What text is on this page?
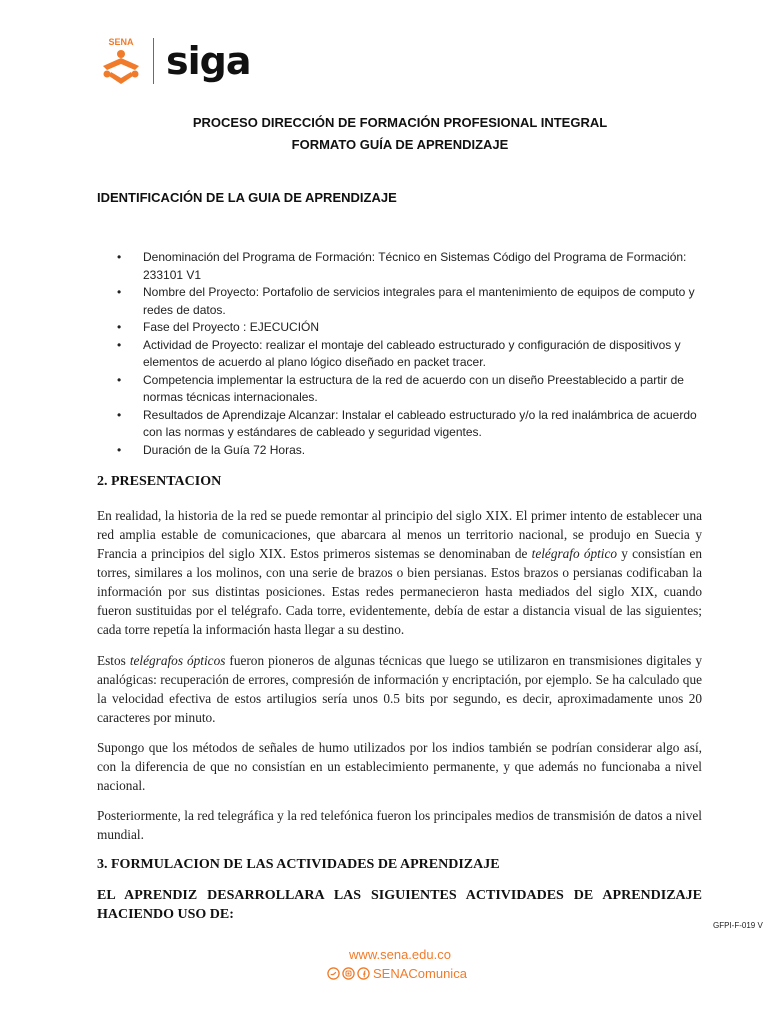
SENA siga
PROCESO DIRECCIÓN DE FORMACIÓN PROFESIONAL INTEGRAL
FORMATO GUÍA DE APRENDIZAJE
IDENTIFICACIÓN DE LA GUIA DE APRENDIZAJE
• Denominación del Programa de Formación: Técnico en Sistemas Código del Programa de Formación: 233101 V1
• Nombre del Proyecto: Portafolio de servicios integrales para el mantenimiento de equipos de computo y redes de datos.
• Fase del Proyecto : EJECUCIÓN
• Actividad de Proyecto: realizar el montaje del cableado estructurado y configuración de dispositivos y elementos de acuerdo al plano lógico diseñado en packet tracer.
• Competencia implementar la estructura de la red de acuerdo con un diseño Preestablecido a partir de normas técnicas internacionales.
• Resultados de Aprendizaje Alcanzar: Instalar el cableado estructurado y/o la red inalámbrica de acuerdo con las normas y estándares de cableado y seguridad vigentes.
• Duración de la Guía 72 Horas.
2. PRESENTACION

En realidad, la historia de la red se puede remontar al principio del siglo XIX. El primer intento de establecer una red amplia estable de comunicaciones, que abarcara al menos un territorio nacional, se produjo en Suecia y Francia a principios del siglo XIX. Estos primeros sistemas se denominaban de telégrafo óptico y consistían en torres, similares a los molinos, con una serie de brazos o bien persianas. Estos brazos o persianas codificaban la información por sus distintas posiciones. Estas redes permanecieron hasta mediados del siglo XIX, cuando fueron sustituidas por el telégrafo. Cada torre, evidentemente, debía de estar a distancia visual de las siguientes; cada torre repetía la información hasta llegar a su destino.

Estos telégrafos ópticos fueron pioneros de algunas técnicas que luego se utilizaron en transmisiones digitales y analógicas: recuperación de errores, compresión de información y encriptación, por ejemplo. Se ha calculado que la velocidad efectiva de estos artilugios sería unos 0.5 bits por segundo, es decir, aproximadamente unos 20 caracteres por minuto.

Supongo que los métodos de señales de humo utilizados por los indios también se podrían considerar algo así, con la diferencia de que no consistían en un establecimiento permanente, y que además no funcionaba a nivel nacional.

Posteriormente, la red telegráfica y la red telefónica fueron los principales medios de transmisión de datos a nivel mundial.

3. FORMULACION DE LAS ACTIVIDADES DE APRENDIZAJE
EL APRENDIZ DESARROLLARA LAS SIGUIENTES ACTIVIDADES DE APRENDIZAJE HACIENDO USO DE:
GFPI-F-019 V
www.sena.edu.co
SENAComunica
